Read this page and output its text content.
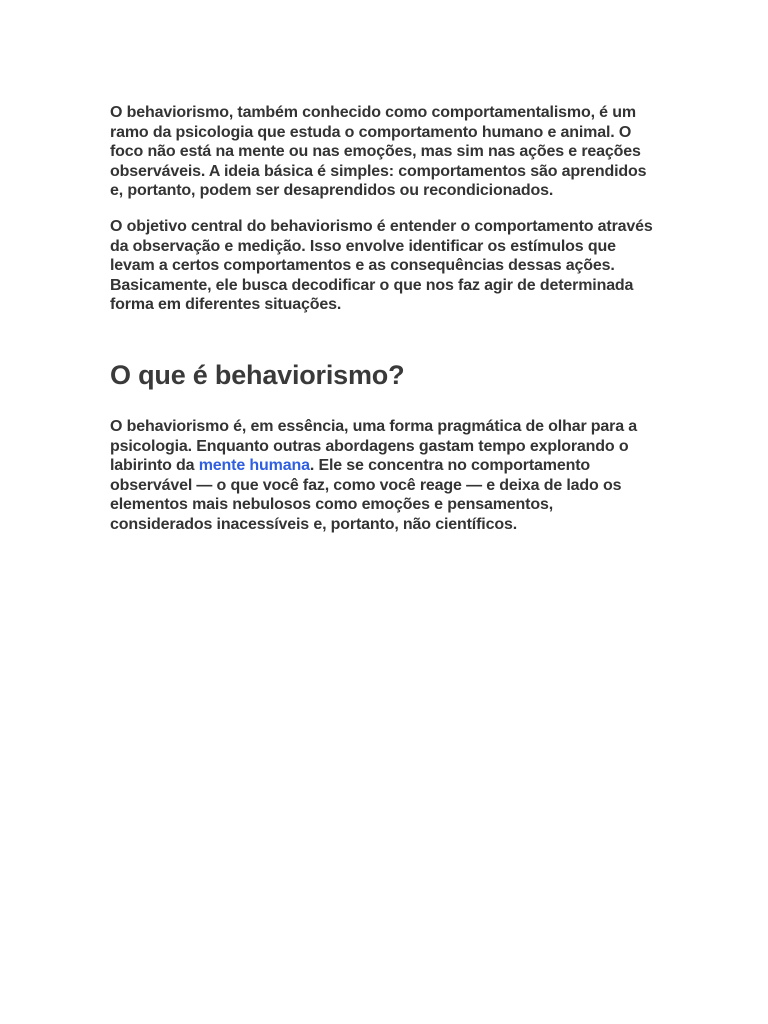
O behaviorismo, também conhecido como comportamentalismo, é um ramo da psicologia que estuda o comportamento humano e animal. O foco não está na mente ou nas emoções, mas sim nas ações e reações observáveis. A ideia básica é simples: comportamentos são aprendidos e, portanto, podem ser desaprendidos ou recondicionados.

O objetivo central do behaviorismo é entender o comportamento através da observação e medição. Isso envolve identificar os estímulos que levam a certos comportamentos e as consequências dessas ações. Basicamente, ele busca decodificar o que nos faz agir de determinada forma em diferentes situações.

O que é behaviorismo?

O behaviorismo é, em essência, uma forma pragmática de olhar para a psicologia. Enquanto outras abordagens gastam tempo explorando o labirinto da mente humana. Ele se concentra no comportamento observável — o que você faz, como você reage — e deixa de lado os elementos mais nebulosos como emoções e pensamentos, considerados inacessíveis e, portanto, não científicos.
